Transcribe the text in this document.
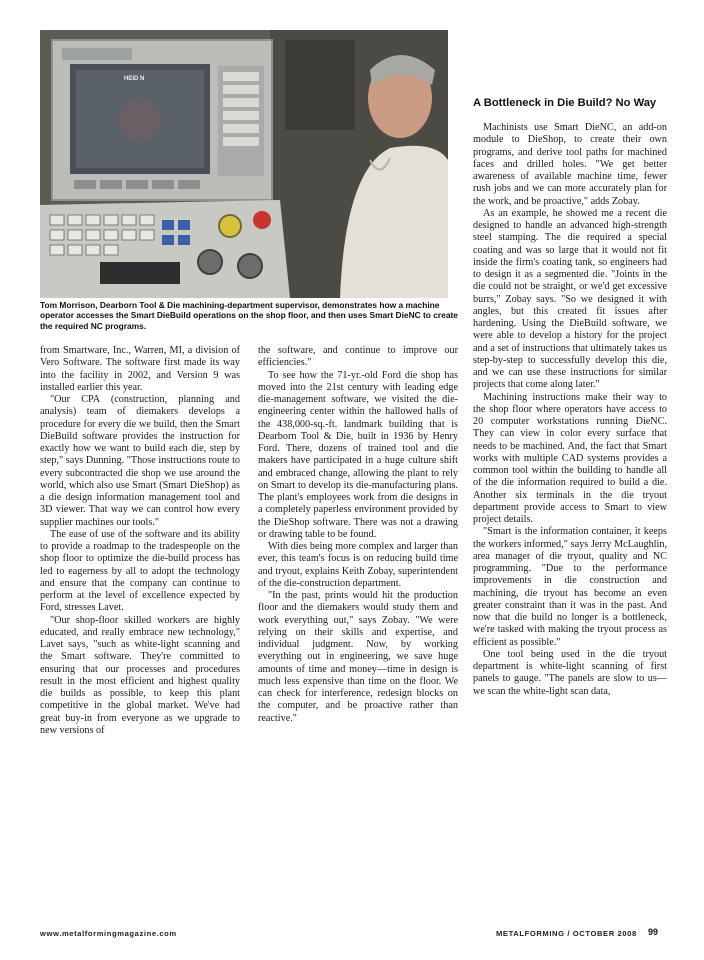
HEID N
Tom Morrison, Dearborn Tool & Die machining-department supervisor, demonstrates how a machine operator accesses the Smart DieBuild operations on the shop floor, and then uses Smart DieNC to create the required NC programs.

from Smartware, Inc., Warren, MI, a division of Vero Software. The software first made its way into the facility in 2002, and Version 9 was installed earlier this year.

"Our CPA (construction, planning and analysis) team of diemakers develops a procedure for every die we build, then the Smart DieBuild software provides the instruction for exactly how we want to build each die, step by step," says Dunning. "Those instructions route to every subcontracted die shop we use around the world, which also use Smart (Smart DieShop) as a die design information management tool and 3D viewer. That way we can control how every supplier machines our tools."

The ease of use of the software and its ability to provide a roadmap to the tradespeople on the shop floor to optimize the die-build process has led to eagerness by all to adopt the technology and ensure that the company can continue to perform at the level of excellence expected by Ford, stresses Lavet.

"Our shop-floor skilled workers are highly educated, and really embrace new technology," Lavet says, "such as white-light scanning and the Smart software. They're committed to ensuring that our processes and procedures result in the most efficient and highest quality die builds as possible, to keep this plant competitive in the global market. We've had great buy-in from everyone as we upgrade to new versions of

the software, and continue to improve our efficiencies."

To see how the 71-yr.-old Ford die shop has moved into the 21st century with leading edge die-management software, we visited the die-engineering center within the hallowed halls of the 438,000-sq.-ft. landmark building that is Dearborn Tool & Die, built in 1936 by Henry Ford. There, dozens of trained tool and die makers have participated in a huge culture shift and embraced change, allowing the plant to rely on Smart to develop its die-manufacturing plans. The plant's employees work from die designs in a completely paperless environment provided by the DieShop software. There was not a drawing or drawing table to be found.

With dies being more complex and larger than ever, this team's focus is on reducing build time and tryout, explains Keith Zobay, superintendent of the die-construction department.

"In the past, prints would hit the production floor and the diemakers would study them and work everything out," says Zobay. "We were relying on their skills and expertise, and individual judgment. Now, by working everything out in engineering, we save huge amounts of time and money—time in design is much less expensive than time on the floor. We can check for interference, redesign blocks on the computer, and be proactive rather than reactive."

A Bottleneck in Die Build? No Way

Machinists use Smart DieNC, an add-on module to DieShop, to create their own programs, and derive tool paths for machined faces and drilled holes. "We get better awareness of available machine time, fewer rush jobs and we can more accurately plan for the work, and be proactive," adds Zobay.

As an example, he showed me a recent die designed to handle an advanced high-strength steel stamping. The die required a special coating and was so large that it would not fit inside the firm's coating tank, so engineers had to design it as a segmented die. "Joints in the die could not be straight, or we'd get excessive burrs," Zobay says. "So we designed it with angles, but this created fit issues after hardening. Using the DieBuild software, we were able to develop a history for the project and a set of instructions that ultimately takes us step-by-step to successfully develop this die, and we can use these instructions for similar projects that come along later."

Machining instructions make their way to the shop floor where operators have access to 20 computer workstations running DieNC. They can view in color every surface that needs to be machined. And, the fact that Smart works with multiple CAD systems provides a common tool within the building to handle all of the die information required to build a die. Another six terminals in the die tryout department provide access to Smart to view project details.

"Smart is the information container, it keeps the workers informed," says Jerry McLaughlin, area manager of die tryout, quality and NC programming. "Due to the performance improvements in die construction and machining, die tryout has become an even greater constraint than it was in the past. And now that die build no longer is a bottleneck, we're tasked with making the tryout process as efficient as possible."

One tool being used in the die tryout department is white-light scanning of first panels to gauge. "The panels are slow to us—we scan the white-light scan data,

www.metalformingmagazine.com	METALFORMING / OCTOBER 2008 99
